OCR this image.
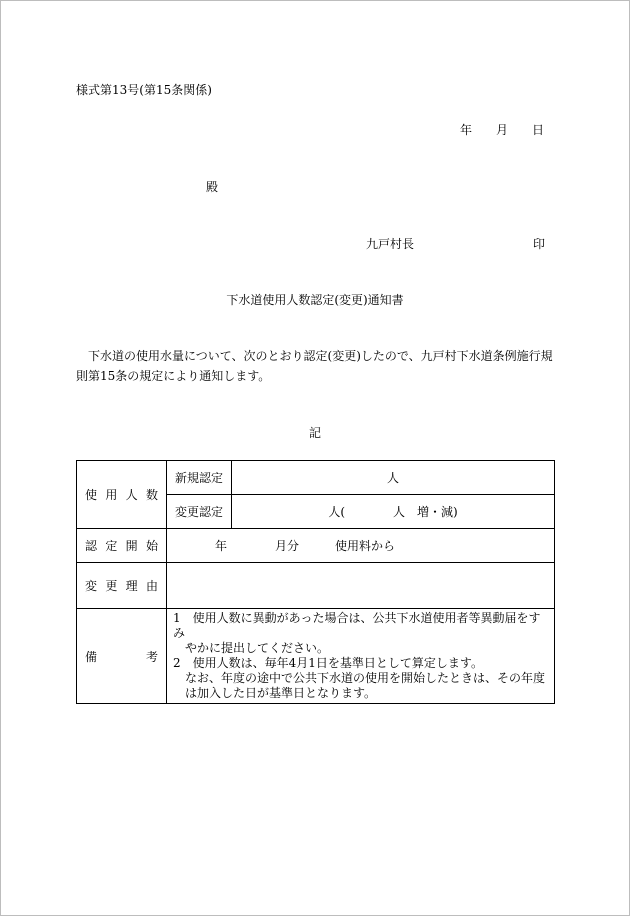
様式第13号(第15条関係)
年 月 日
殿
九戸村長	印
下水道使用人数認定(変更)通知書
下水道の使用水量について、次のとおり認定(変更)したので、九戸村下水道条例施行規則第15条の規定により通知します。
記
使用人数	新規認定	人
	変更認定	人(　　　　人　増・減)
認定開始	年　　　　月分　　　使用料から	
変更理由		
備考	1　使用人数に異動があった場合は、公共下水道使用者等異動届をすみ
やかに提出してください。
2　使用人数は、毎年4月1日を基準日として算定します。
なお、年度の途中で公共下水道の使用を開始したときは、その年度
は加入した日が基準日となります。	
